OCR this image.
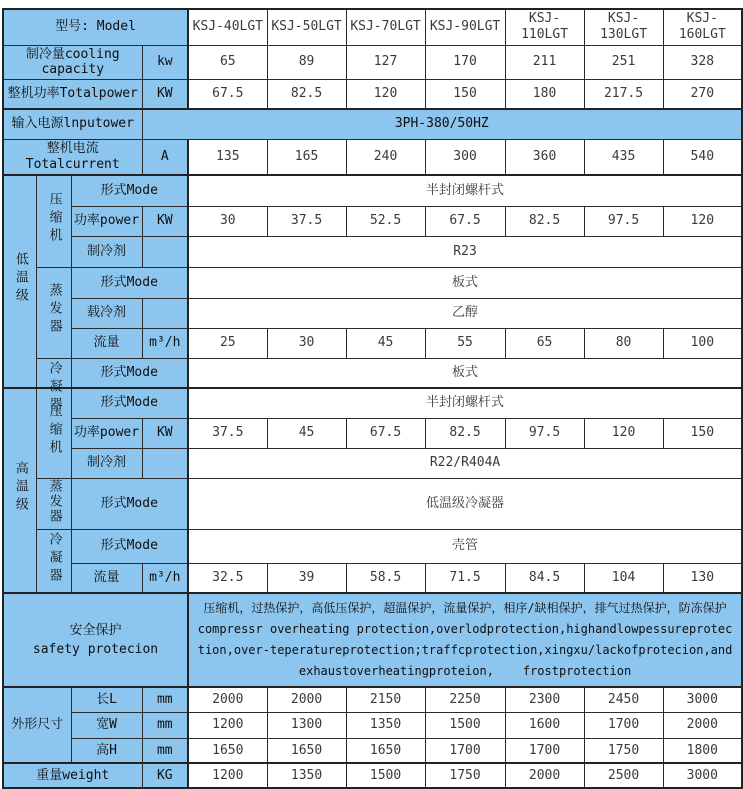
型号: Model				KSJ-40LGT	KSJ-50LGT	KSJ-70LGT	KSJ-90LGT	KSJ-110LGT	KSJ-130LGT	KSJ-160LGT
制冷量cooling capacity			kw	65	89	127	170	211	251	328
整机功率Totalpower			KW	67.5	82.5	120	150	180	217.5	270
输入电源lnputower			3PH-380/50HZ							
整机电流Totalcurrent			A	135	165	240	300	360	435	540
低温级	压缩机	形式Mode		半封闭螺杆式						
		功率power	KW	30	37.5	52.5	67.5	82.5	97.5	120
		制冷剂		R23						
	蒸发器	形式Mode		板式						
		载冷剂		乙醇						
		流量	m³/h	25	30	45	55	65	80	100

	冷凝器	形式Mode		板式						
高温级	压缩机	形式Mode		半封闭螺杆式						
		功率power	KW	37.5	45	67.5	82.5	97.5	120	150
		制冷剂		R22/R404A						
	蒸发器	形式Mode		低温级冷凝器						
	冷凝器	形式Mode		壳管						
		流量	m³/h	32.5	39	58.5	71.5	84.5	104	130

安全保护
safety protecion				压缩机，过热保护，高低压保护，超温保护，流量保护，相序/缺相保护，排气过热保护，防冻保护 compressr overheating protection,overlodprotection,highandlowpessureprotection,over-teperatureprotection;traffcprotection,xingxu/lackofprotecion,andexhaustoverheatingproteion,    frostprotection						
外形尺寸		长L	mm	2000	2000	2150	2250	2300	2450	3000
		宽W	mm	1200	1300	1350	1500	1600	1700	2000
		高H	mm	1650	1650	1650	1700	1700	1750	1800
重量weight			KG	1200	1350	1500	1750	2000	2500	3000
